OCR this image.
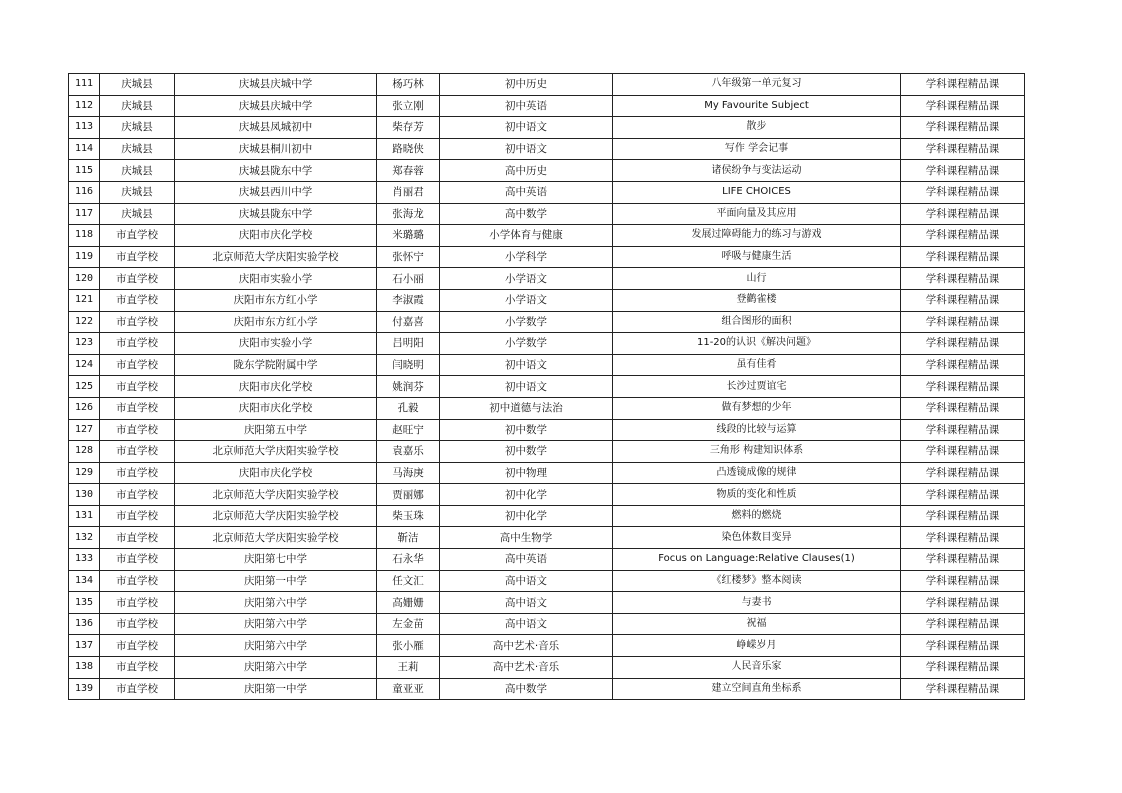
111	庆城县	庆城县庆城中学	杨巧林	初中历史	八年级第一单元复习	学科课程精品课
112	庆城县	庆城县庆城中学	张立刚	初中英语	My Favourite Subject	学科课程精品课
113	庆城县	庆城县凤城初中	柴存芳	初中语文	散步	学科课程精品课
114	庆城县	庆城县桐川初中	路晓侠	初中语文	写作 学会记事	学科课程精品课
115	庆城县	庆城县陇东中学	郑春蓉	高中历史	诸侯纷争与变法运动	学科课程精品课
116	庆城县	庆城县西川中学	肖丽君	高中英语	LIFE CHOICES	学科课程精品课
117	庆城县	庆城县陇东中学	张海龙	高中数学	平面向量及其应用	学科课程精品课
118	市直学校	庆阳市庆化学校	米璐璐	小学体育与健康	发展过障碍能力的练习与游戏	学科课程精品课
119	市直学校	北京师范大学庆阳实验学校	张怀宁	小学科学	呼吸与健康生活	学科课程精品课
120	市直学校	庆阳市实验小学	石小丽	小学语文	山行	学科课程精品课
121	市直学校	庆阳市东方红小学	李淑霞	小学语文	登鹳雀楼	学科课程精品课
122	市直学校	庆阳市东方红小学	付嘉喜	小学数学	组合图形的面积	学科课程精品课
123	市直学校	庆阳市实验小学	吕明阳	小学数学	11-20的认识《解决问题》	学科课程精品课
124	市直学校	陇东学院附属中学	闫晓明	初中语文	虽有佳肴	学科课程精品课
125	市直学校	庆阳市庆化学校	姚润芬	初中语文	长沙过贾谊宅	学科课程精品课
126	市直学校	庆阳市庆化学校	孔毅	初中道德与法治	做有梦想的少年	学科课程精品课
127	市直学校	庆阳第五中学	赵旺宁	初中数学	线段的比较与运算	学科课程精品课
128	市直学校	北京师范大学庆阳实验学校	袁嘉乐	初中数学	三角形 构建知识体系	学科课程精品课
129	市直学校	庆阳市庆化学校	马海庚	初中物理	凸透镜成像的规律	学科课程精品课
130	市直学校	北京师范大学庆阳实验学校	贾丽娜	初中化学	物质的变化和性质	学科课程精品课
131	市直学校	北京师范大学庆阳实验学校	柴玉珠	初中化学	燃料的燃烧	学科课程精品课
132	市直学校	北京师范大学庆阳实验学校	靳洁	高中生物学	染色体数目变异	学科课程精品课
133	市直学校	庆阳第七中学	石永华	高中英语	Focus on Language:Relative Clauses(1)	学科课程精品课
134	市直学校	庆阳第一中学	任文汇	高中语文	《红楼梦》整本阅读	学科课程精品课
135	市直学校	庆阳第六中学	高姗姗	高中语文	与妻书	学科课程精品课
136	市直学校	庆阳第六中学	左金苗	高中语文	祝福	学科课程精品课
137	市直学校	庆阳第六中学	张小雁	高中艺术·音乐	峥嵘岁月	学科课程精品课
138	市直学校	庆阳第六中学	王莉	高中艺术·音乐	人民音乐家	学科课程精品课
139	市直学校	庆阳第一中学	童亚亚	高中数学	建立空间直角坐标系	学科课程精品课
